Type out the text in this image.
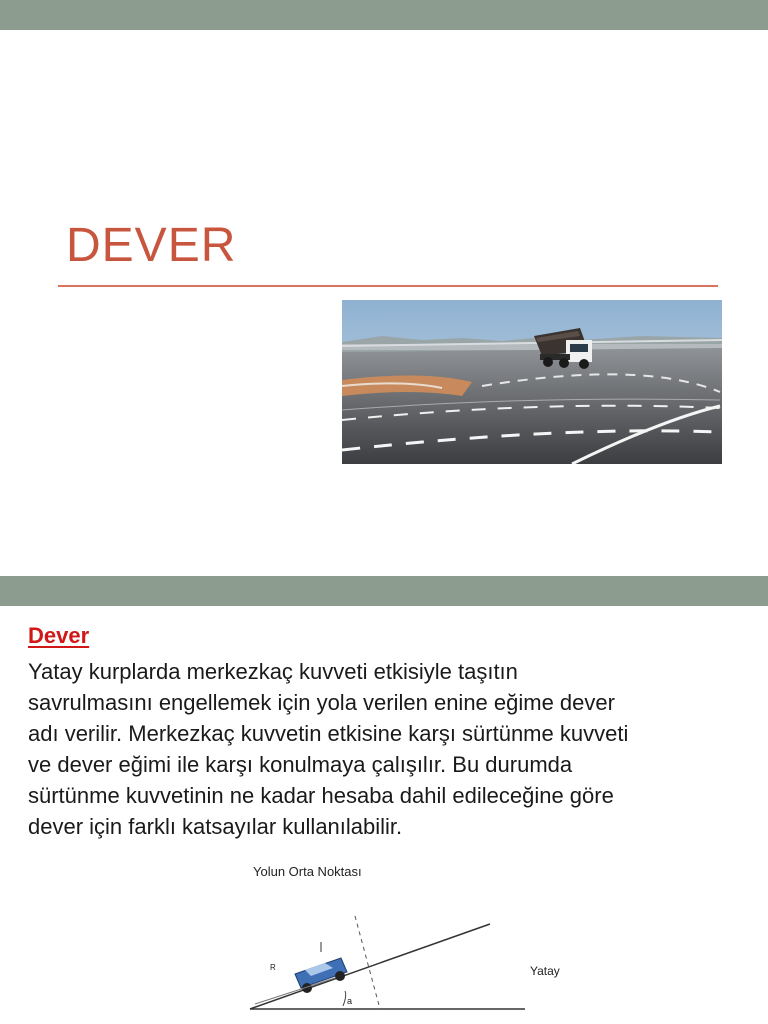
DEVER
Dever

Yatay kurplarda merkezkaç kuvveti etkisiyle taşıtın
savrulmasını engellemek için yola verilen enine eğime dever
adı verilir. Merkezkaç kuvvetin etkisine karşı sürtünme kuvveti
ve dever eğimi ile karşı konulmaya çalışılır. Bu durumda
sürtünme kuvvetinin ne kadar hesaba dahil edileceğine göre
dever için farklı katsayılar kullanılabilir.

Yolun Orta Noktası
a
R	Yatay
